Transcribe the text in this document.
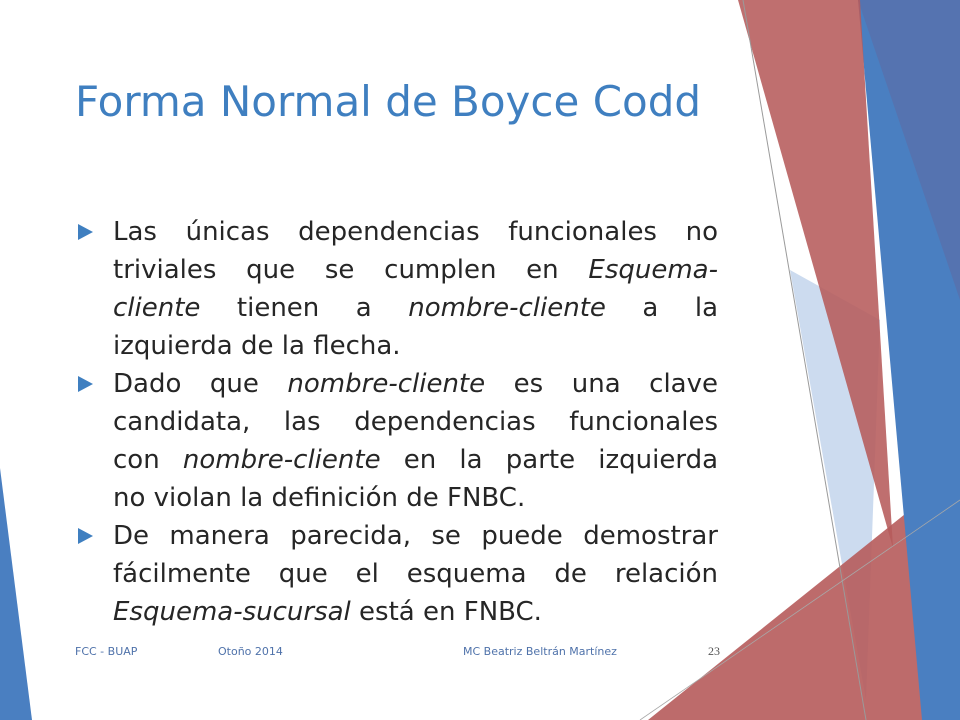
Forma Normal de Boyce Codd
Las únicas dependencias funcionales no
triviales que se cumplen en Esquema-
cliente tienen a nombre-cliente a la
izquierda de la flecha.
Dado que nombre-cliente es una clave
candidata, las dependencias funcionales
con nombre-cliente en la parte izquierda
no violan la definición de FNBC.
De manera parecida, se puede demostrar
fácilmente que el esquema de relación
Esquema-sucursal está en FNBC.
FCC - BUAP	Otoño 2014	MC Beatriz Beltrán Martínez	23
